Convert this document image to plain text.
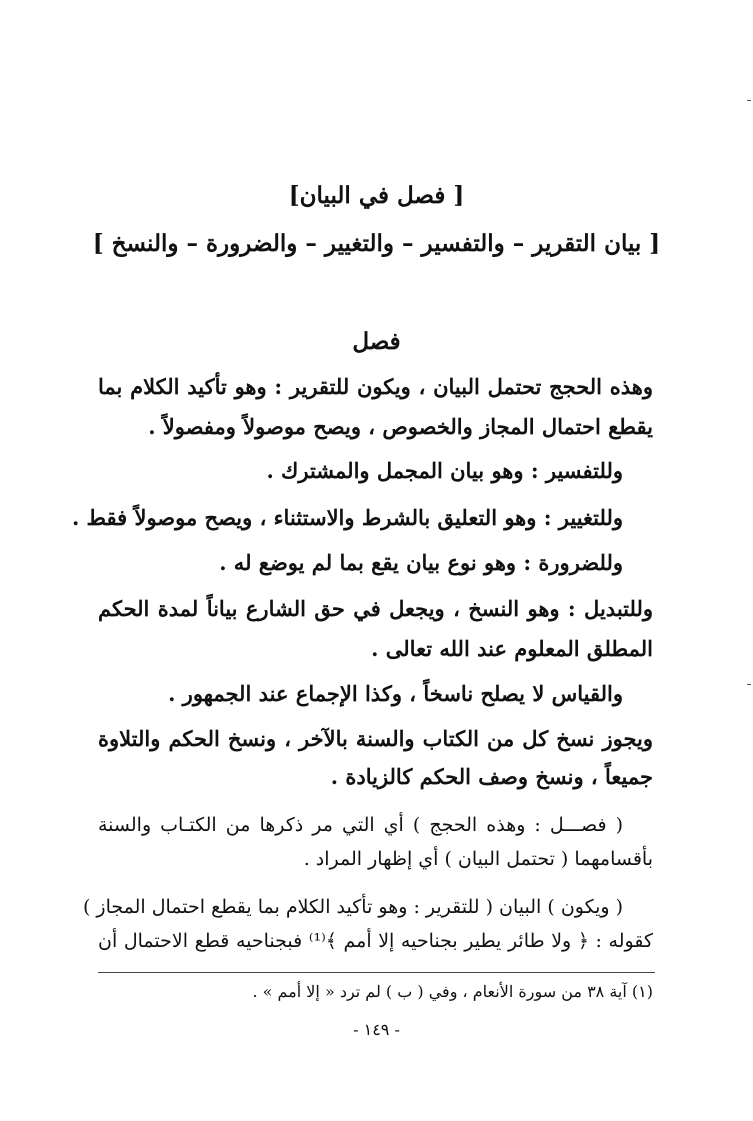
[ فصل في البيان]
[ بيان التقرير – والتفسير – والتغيير – والضرورة – والنسخ ]
فصل
وهذه الحجج تحتمل البيان ، ويكون للتقرير : وهو تأكيد الكلام بما
يقطع احتمال المجاز والخصوص ، ويصح موصولاً ومفصولاً .
وللتفسير : وهو بيان المجمل والمشترك .
وللتغيير : وهو التعليق بالشرط والاستثناء ، ويصح موصولاً فقط .
وللضرورة : وهو نوع بيان يقع بما لم يوضع له .
وللتبديل : وهو النسخ ، ويجعل في حق الشارع بياناً لمدة الحكم
المطلق المعلوم عند الله تعالى .
والقياس لا يصلح ناسخاً ، وكذا الإجماع عند الجمهور .
ويجوز نسخ كل من الكتاب والسنة بالآخر ، ونسخ الحكم والتلاوة
جميعاً ، ونسخ وصف الحكم كالزيادة .
( فصـــل : وهذه الحجج ) أي التي مر ذكرها من الكتـاب والسنة
بأقسامهما ( تحتمل البيان ) أي إظهار المراد .
( ويكون ) البيان ( للتقرير : وهو تأكيد الكلام بما يقطع احتمال المجاز )
كقوله : ﴿ ولا طائر يطير بجناحيه إلا أمم ﴾⁽¹⁾ فبجناحيه قطع الاحتمال أن
(١) آية ٣٨ من سورة الأنعام ، وفي ( ب ) لم ترد « إلا أمم » .
- ١٤٩ -
